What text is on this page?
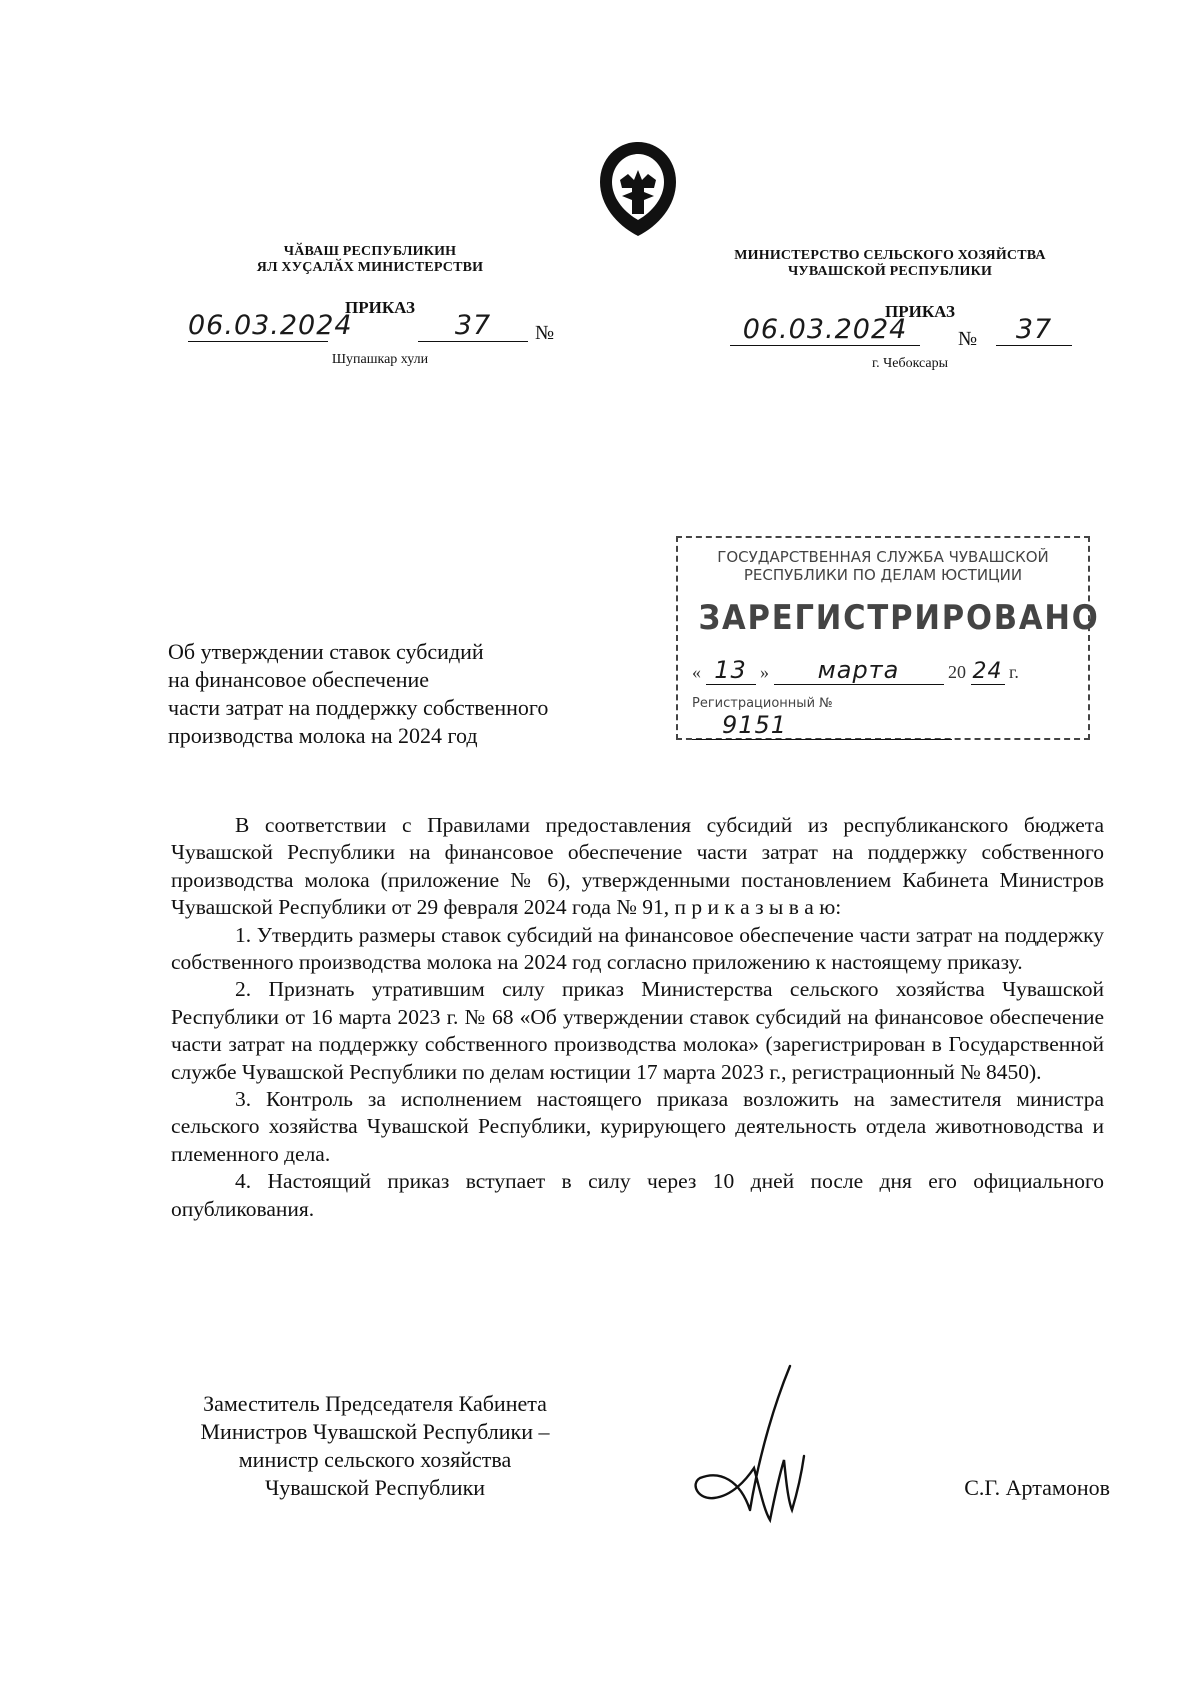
ЧӐВАШ РЕСПУБЛИКИН
ЯЛ ХУҪАЛӐХ МИНИСТЕРСТВИ
ПРИКАЗ
06.03.2024	37	№
Шупашкар хули
МИНИСТЕРСТВО СЕЛЬСКОГО ХОЗЯЙСТВА
ЧУВАШСКОЙ РЕСПУБЛИКИ
ПРИКАЗ
06.03.2024	№	37
г. Чебоксары
ГОСУДАРСТВЕННАЯ СЛУЖБА ЧУВАШСКОЙ
РЕСПУБЛИКИ ПО ДЕЛАМ ЮСТИЦИИ
ЗАРЕГИСТРИРОВАНО
« 13 » марта	20 24 г.
Регистрационный № 9151
Об утверждении ставок субсидий
на финансовое обеспечение
части затрат на поддержку собственного
производства молока на 2024 год

В соответствии с Правилами предоставления субсидий из республиканского бюджета Чувашской Республики на финансовое обеспечение части затрат на поддержку собственного производства молока (приложение № 6), утвержденными постановлением Кабинета Министров Чувашской Республики от 29 февраля 2024 года № 91, п р и к а з ы в а ю:

1. Утвердить размеры ставок субсидий на финансовое обеспечение части затрат на поддержку собственного производства молока на 2024 год согласно приложению к настоящему приказу.

2. Признать утратившим силу приказ Министерства сельского хозяйства Чувашской Республики от 16 марта 2023 г. № 68 «Об утверждении ставок субсидий на финансовое обеспечение части затрат на поддержку собственного производства молока» (зарегистрирован в Государственной службе Чувашской Республики по делам юстиции 17 марта 2023 г., регистрационный № 8450).

3. Контроль за исполнением настоящего приказа возложить на заместителя министра сельского хозяйства Чувашской Республики, курирующего деятельность отдела животноводства и племенного дела.

4. Настоящий приказ вступает в силу через 10 дней после дня его официального опубликования.

Заместитель Председателя Кабинета
Министров Чувашской Республики –
министр сельского хозяйства
Чувашской Республики	С.Г. Артамонов
